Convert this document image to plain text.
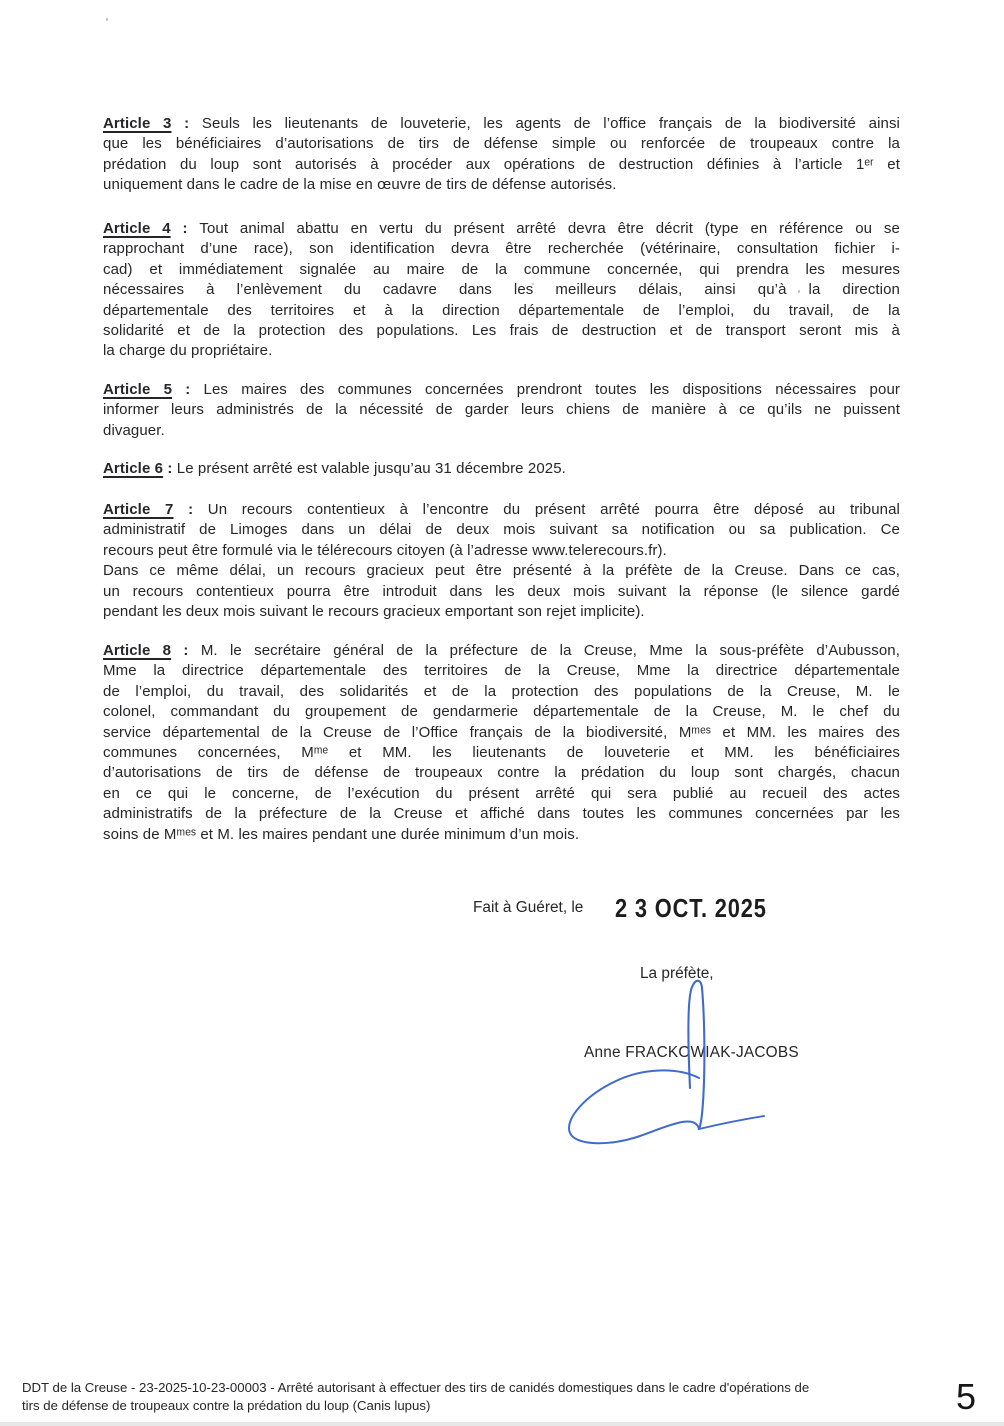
Article 3 : Seuls les lieutenants de louveterie, les agents de l’office français de la biodiversité ainsi
que les bénéficiaires d’autorisations de tirs de défense simple ou renforcée de troupeaux contre la
prédation du loup sont autorisés à procéder aux opérations de destruction définies à l’article 1ᵉʳ et
uniquement dans le cadre de la mise en œuvre de tirs de défense autorisés.
Article 4 : Tout animal abattu en vertu du présent arrêté devra être décrit (type en référence ou se
rapprochant d’une race), son identification devra être recherchée (vétérinaire, consultation fichier i-
cad) et immédiatement signalée au maire de la commune concernée, qui prendra les mesures
nécessaires à l’enlèvement du cadavre dans les meilleurs délais, ainsi qu’à la direction
départementale des territoires et à la direction départementale de l’emploi, du travail, de la
solidarité et de la protection des populations. Les frais de destruction et de transport seront mis à
la charge du propriétaire.
Article 5 : Les maires des communes concernées prendront toutes les dispositions nécessaires pour
informer leurs administrés de la nécessité de garder leurs chiens de manière à ce qu’ils ne puissent
divaguer.
Article 6 : Le présent arrêté est valable jusqu’au 31 décembre 2025.
Article 7 : Un recours contentieux à l’encontre du présent arrêté pourra être déposé au tribunal
administratif de Limoges dans un délai de deux mois suivant sa notification ou sa publication. Ce
recours peut être formulé via le télérecours citoyen (à l’adresse www.telerecours.fr).
Dans ce même délai, un recours gracieux peut être présenté à la préfète de la Creuse. Dans ce cas,
un recours contentieux pourra être introduit dans les deux mois suivant la réponse (le silence gardé
pendant les deux mois suivant le recours gracieux emportant son rejet implicite).
Article 8 : M. le secrétaire général de la préfecture de la Creuse, Mme la sous-préfète d’Aubusson,
Mme la directrice départementale des territoires de la Creuse, Mme la directrice départementale
de l’emploi, du travail, des solidarités et de la protection des populations de la Creuse, M. le
colonel, commandant du groupement de gendarmerie départementale de la Creuse, M. le chef du
service départemental de la Creuse de l’Office français de la biodiversité, Mᵐᵉˢ et MM. les maires des
communes concernées, Mᵐᵉ et MM. les lieutenants de louveterie et MM. les bénéficiaires
d’autorisations de tirs de défense de troupeaux contre la prédation du loup sont chargés, chacun
en ce qui le concerne, de l’exécution du présent arrêté qui sera publié au recueil des actes
administratifs de la préfecture de la Creuse et affiché dans toutes les communes concernées par les
soins de Mᵐᵉˢ et M. les maires pendant une durée minimum d’un mois.
Fait à Guéret, le 2 3 OCT. 2025
La préfète,
Anne FRACKOWIAK-JACOBS
DDT de la Creuse - 23-2025-10-23-00003 - Arrêté autorisant à effectuer des tirs de canidés domestiques dans le cadre d'opérations de
tirs de défense de troupeaux contre la prédation du loup (Canis lupus)	5
